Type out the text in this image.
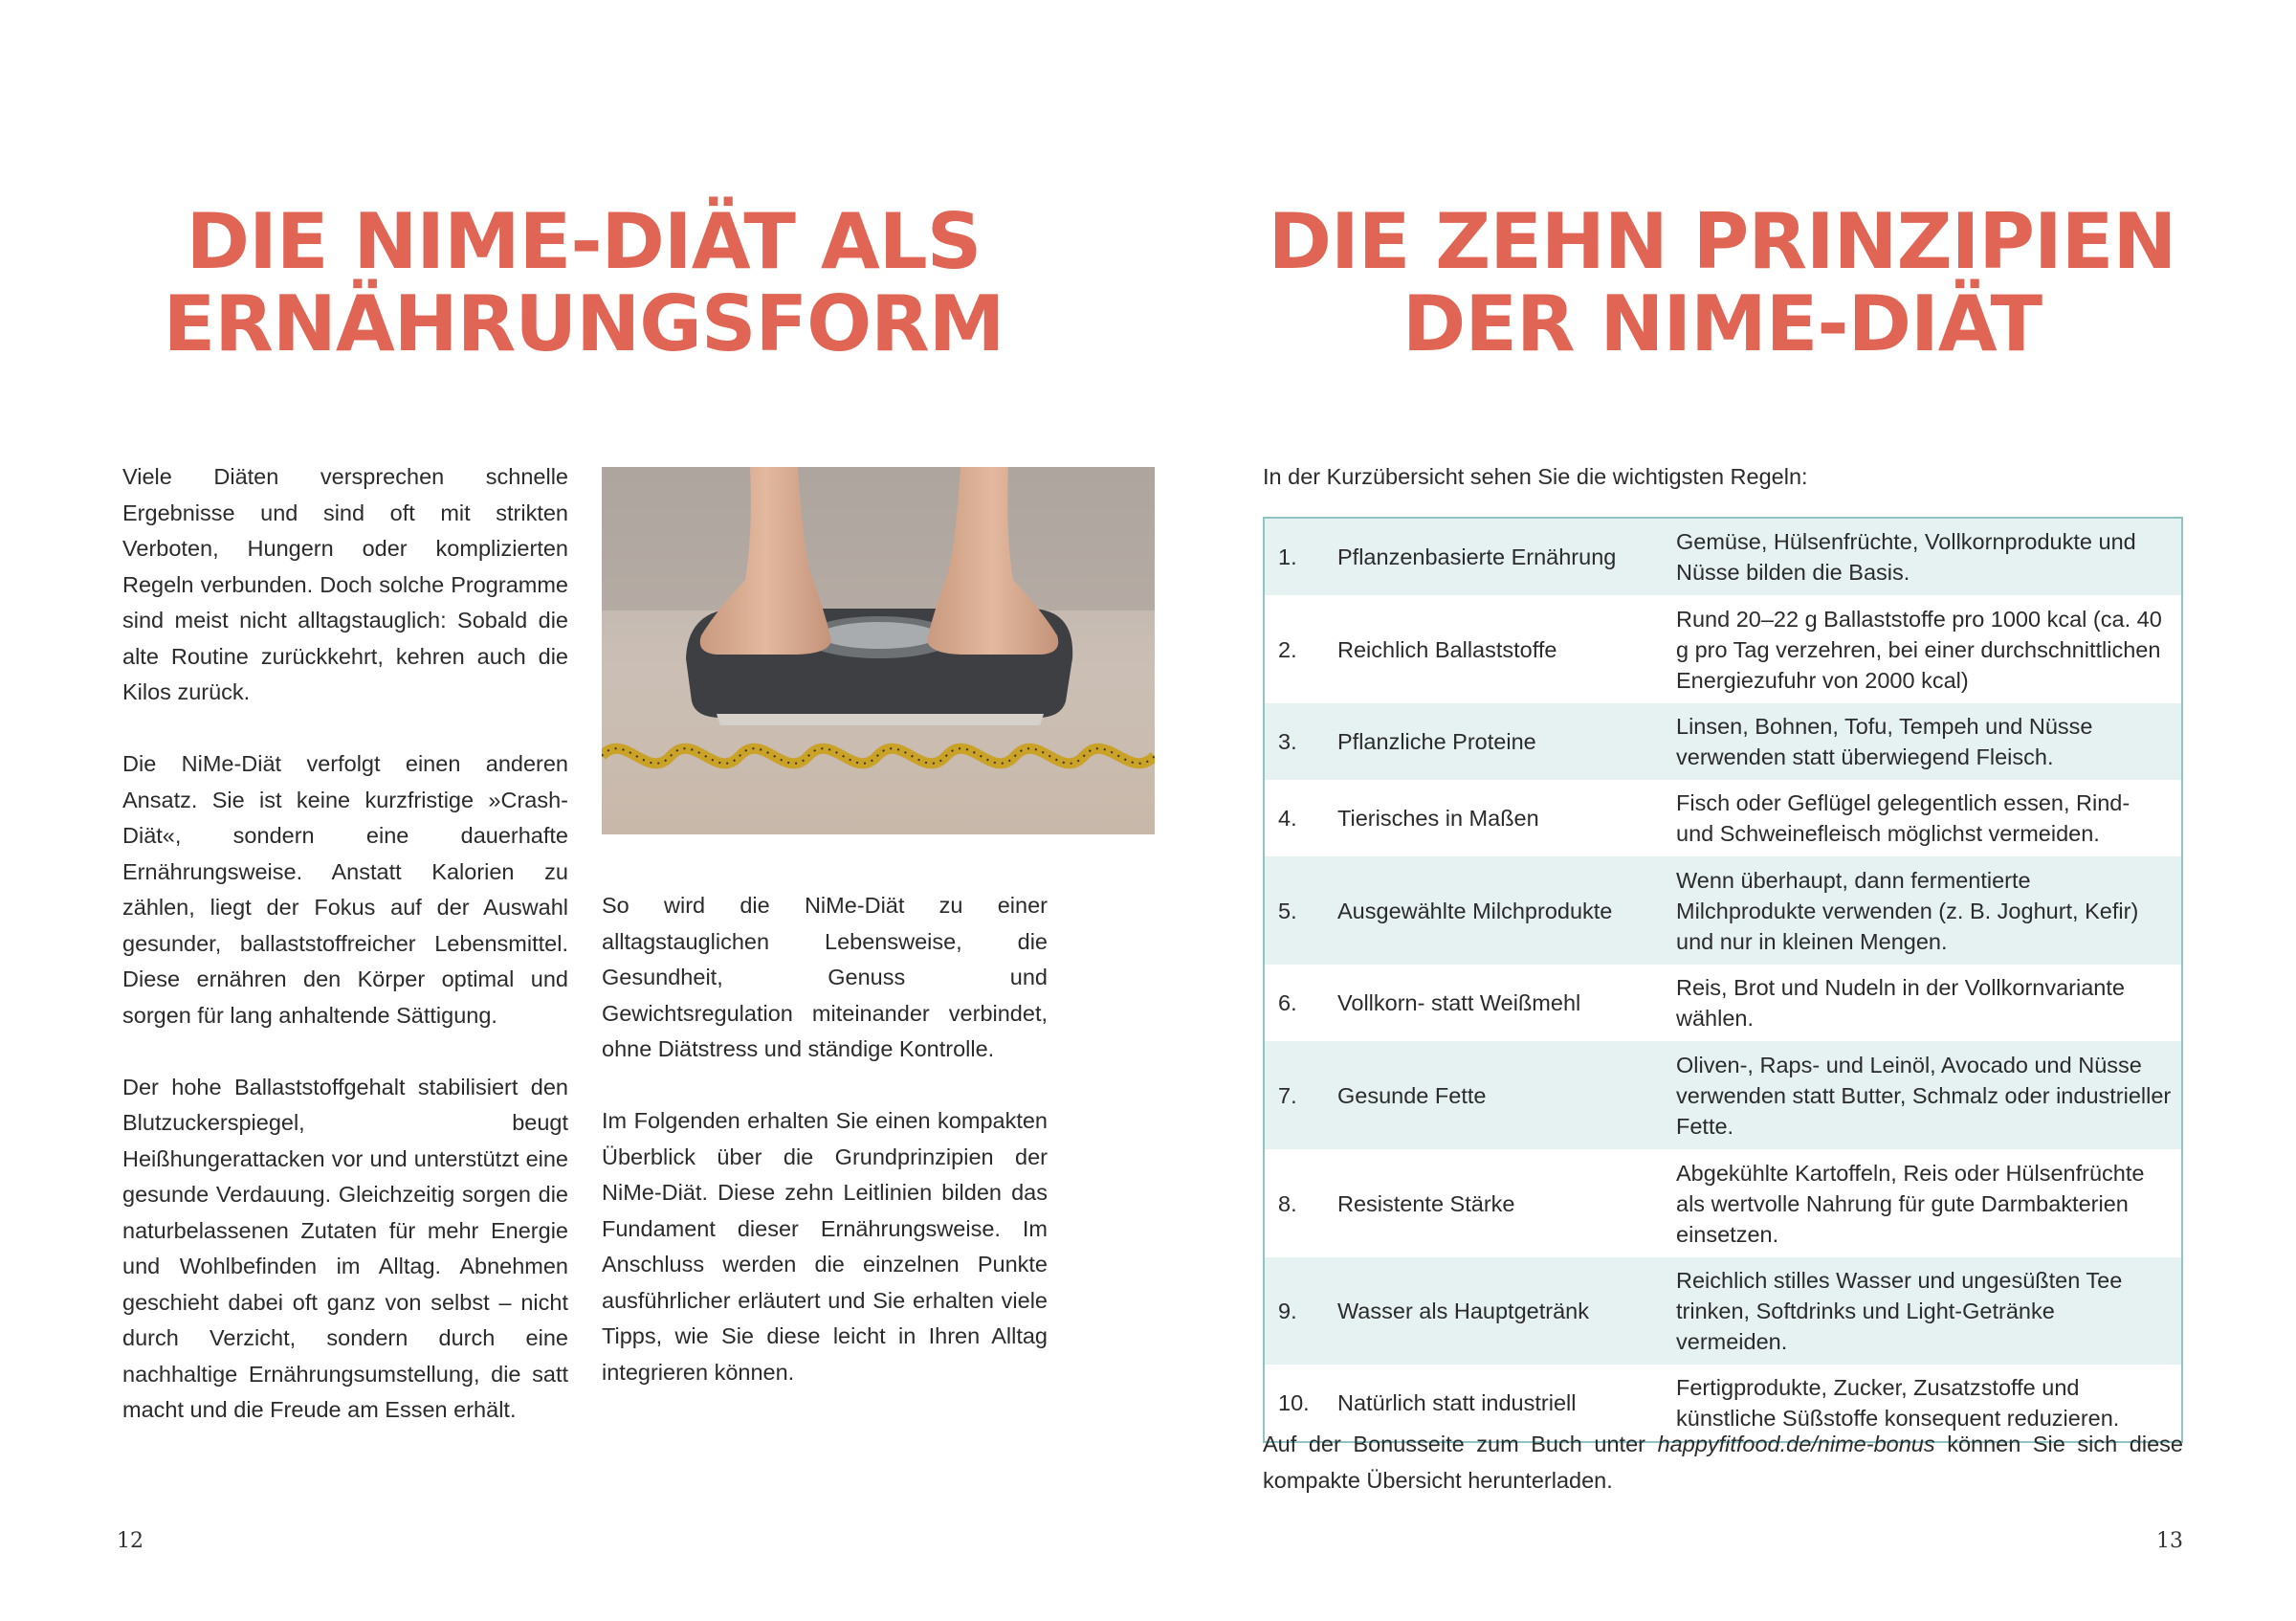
DIE NIME-DIÄT ALS
ERNÄHRUNGSFORM
DIE ZEHN PRINZIPIEN
DER NIME-DIÄT

Viele Diäten versprechen schnelle Ergebnisse und sind oft mit strikten Verboten, Hungern oder komplizierten Regeln verbunden. Doch solche Programme sind meist nicht alltagstauglich: Sobald die alte Routine zurückkehrt, kehren auch die Kilos zurück.

Die NiMe-Diät verfolgt einen anderen Ansatz. Sie ist keine kurzfristige »Crash-Diät«, sondern eine dauerhafte Ernährungsweise. Anstatt Kalorien zu zählen, liegt der Fokus auf der Auswahl gesunder, ballaststoffreicher Lebensmittel. Diese ernähren den Körper optimal und sorgen für lang anhaltende Sättigung.

Der hohe Ballaststoffgehalt stabilisiert den Blutzuckerspiegel, beugt Heißhungerattacken vor und unterstützt eine gesunde Verdauung. Gleichzeitig sorgen die naturbelassenen Zutaten für mehr Energie und Wohlbefinden im Alltag. Abnehmen geschieht dabei oft ganz von selbst – nicht durch Verzicht, sondern durch eine nachhaltige Ernährungsumstellung, die satt macht und die Freude am Essen erhält.

So wird die NiMe-Diät zu einer alltagstauglichen Lebensweise, die Gesundheit, Genuss und Gewichtsregulation miteinander verbindet, ohne Diätstress und ständige Kontrolle.

Im Folgenden erhalten Sie einen kompakten Überblick über die Grundprinzipien der NiMe-Diät. Diese zehn Leitlinien bilden das Fundament dieser Ernährungsweise. Im Anschluss werden die einzelnen Punkte ausführlicher erläutert und Sie erhalten viele Tipps, wie Sie diese leicht in Ihren Alltag integrieren können.

12

In der Kurzübersicht sehen Sie die wichtigsten Regeln:

1.	Pflanzenbasierte Ernährung	Gemüse, Hülsenfrüchte, Vollkornprodukte und Nüsse bilden die Basis.
2.	Reichlich Ballaststoffe	Rund 20–22 g Ballaststoffe pro 1000 kcal (ca. 40 g pro Tag verzehren, bei einer durchschnittlichen Energiezufuhr von 2000 kcal)
3.	Pflanzliche Proteine	Linsen, Bohnen, Tofu, Tempeh und Nüsse verwenden statt überwiegend Fleisch.
4.	Tierisches in Maßen	Fisch oder Geflügel gelegentlich essen, Rind- und Schweinefleisch möglichst vermeiden.
5.	Ausgewählte Milchprodukte	Wenn überhaupt, dann fermentierte Milchprodukte verwenden (z. B. Joghurt, Kefir) und nur in kleinen Mengen.
6.	Vollkorn- statt Weißmehl	Reis, Brot und Nudeln in der Vollkornvariante wählen.
7.	Gesunde Fette	Oliven-, Raps- und Leinöl, Avocado und Nüsse verwenden statt Butter, Schmalz oder industrieller Fette.
8.	Resistente Stärke	Abgekühlte Kartoffeln, Reis oder Hülsenfrüchte als wertvolle Nahrung für gute Darmbakterien einsetzen.
9.	Wasser als Hauptgetränk	Reichlich stilles Wasser und ungesüßten Tee trinken, Softdrinks und Light-Getränke vermeiden.
10.	Natürlich statt industriell	Fertigprodukte, Zucker, Zusatzstoffe und künstliche Süßstoffe konsequent reduzieren.

Auf der Bonusseite zum Buch unter happyfitfood.de/nime-bonus können Sie sich diese kompakte Übersicht herunterladen.

13
